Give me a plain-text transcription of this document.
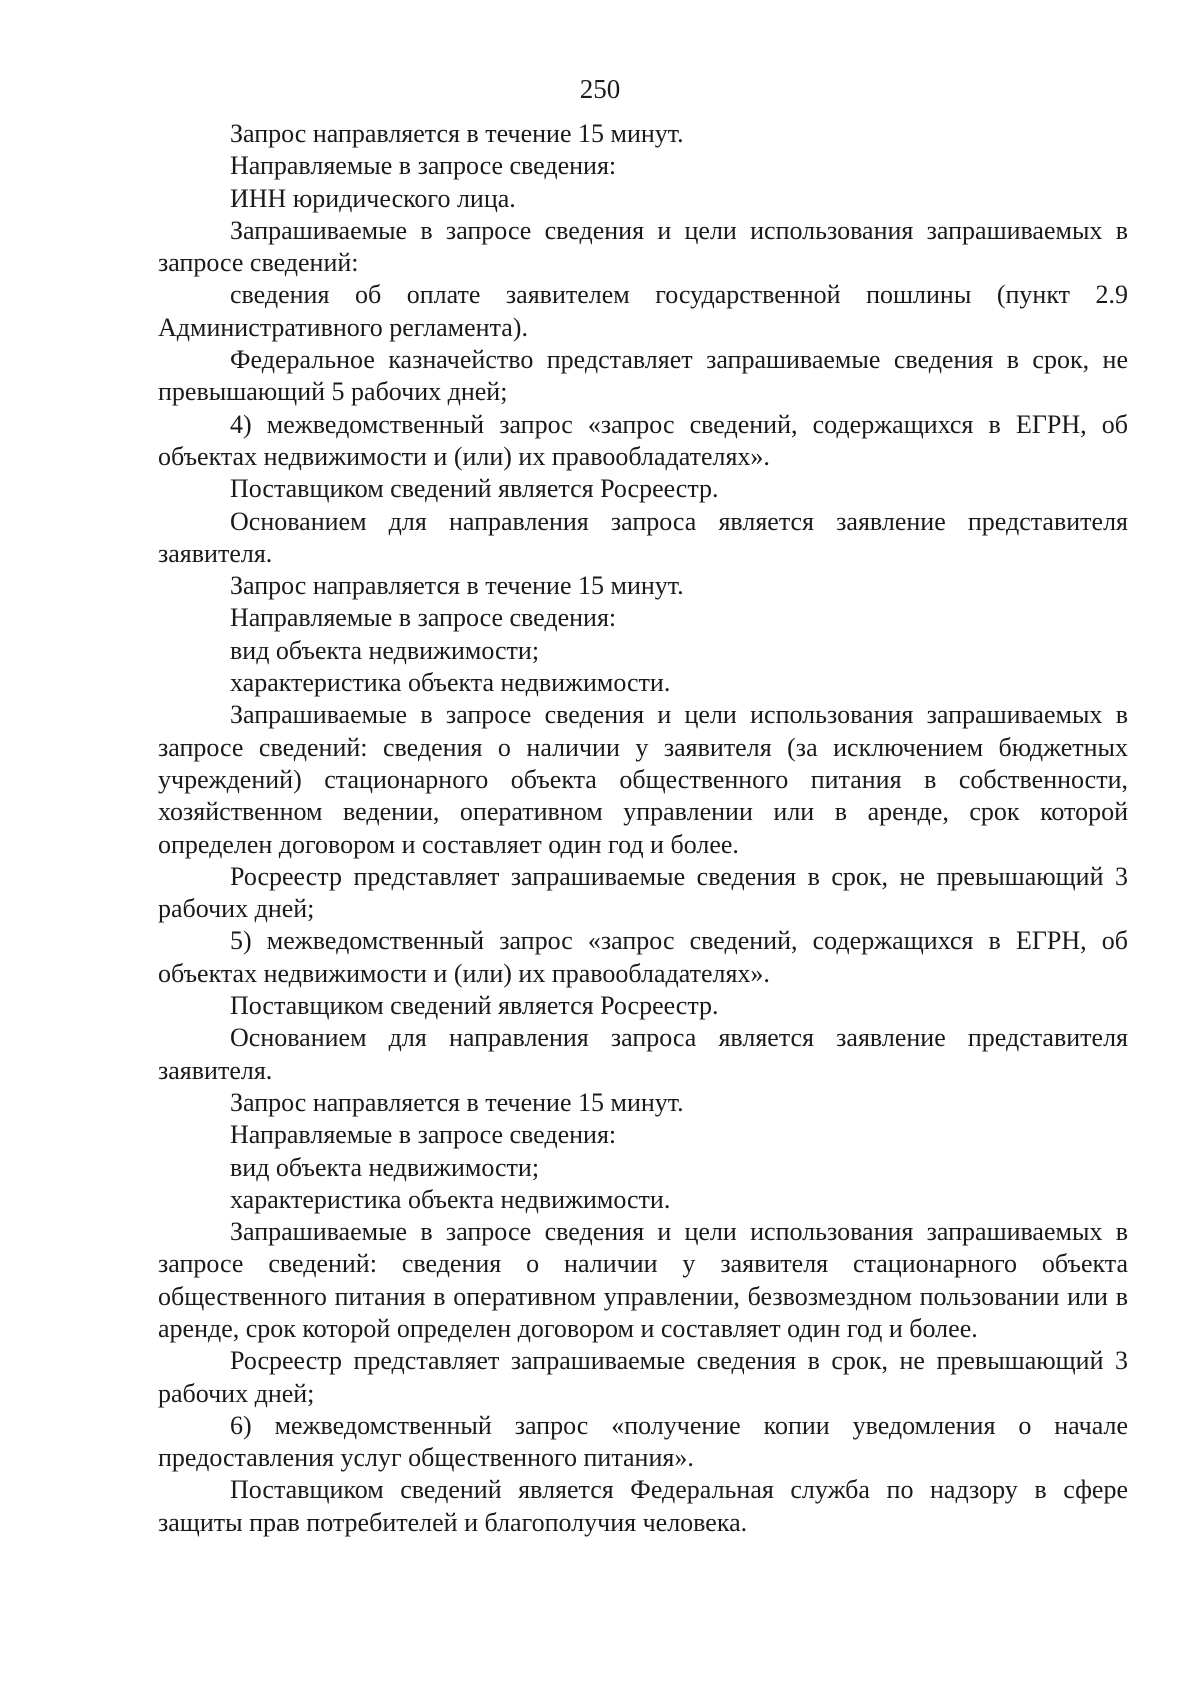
250

Запрос направляется в течение 15 минут.

Направляемые в запросе сведения:

ИНН юридического лица.

Запрашиваемые в запросе сведения и цели использования запрашиваемых в запросе сведений:

сведения об оплате заявителем государственной пошлины (пункт 2.9 Административного регламента).

Федеральное казначейство представляет запрашиваемые сведения в срок, не превышающий 5 рабочих дней;

4) межведомственный запрос «запрос сведений, содержащихся в ЕГРН, об объектах недвижимости и (или) их правообладателях».

Поставщиком сведений является Росреестр.

Основанием для направления запроса является заявление представителя заявителя.

Запрос направляется в течение 15 минут.

Направляемые в запросе сведения:

вид объекта недвижимости;

характеристика объекта недвижимости.

Запрашиваемые в запросе сведения и цели использования запрашиваемых в запросе сведений: сведения о наличии у заявителя (за исключением бюджетных учреждений) стационарного объекта общественного питания в собственности, хозяйственном ведении, оперативном управлении или в аренде, срок которой определен договором и составляет один год и более.

Росреестр представляет запрашиваемые сведения в срок, не превышающий 3 рабочих дней;

5) межведомственный запрос «запрос сведений, содержащихся в ЕГРН, об объектах недвижимости и (или) их правообладателях».

Поставщиком сведений является Росреестр.

Основанием для направления запроса является заявление представителя заявителя.

Запрос направляется в течение 15 минут.

Направляемые в запросе сведения:

вид объекта недвижимости;

характеристика объекта недвижимости.

Запрашиваемые в запросе сведения и цели использования запрашиваемых в запросе сведений: сведения о наличии у заявителя стационарного объекта общественного питания в оперативном управлении, безвозмездном пользовании или в аренде, срок которой определен договором и составляет один год и более.

Росреестр представляет запрашиваемые сведения в срок, не превышающий 3 рабочих дней;

6) межведомственный запрос «получение копии уведомления о начале предоставления услуг общественного питания».

Поставщиком сведений является Федеральная служба по надзору в сфере защиты прав потребителей и благополучия человека.
